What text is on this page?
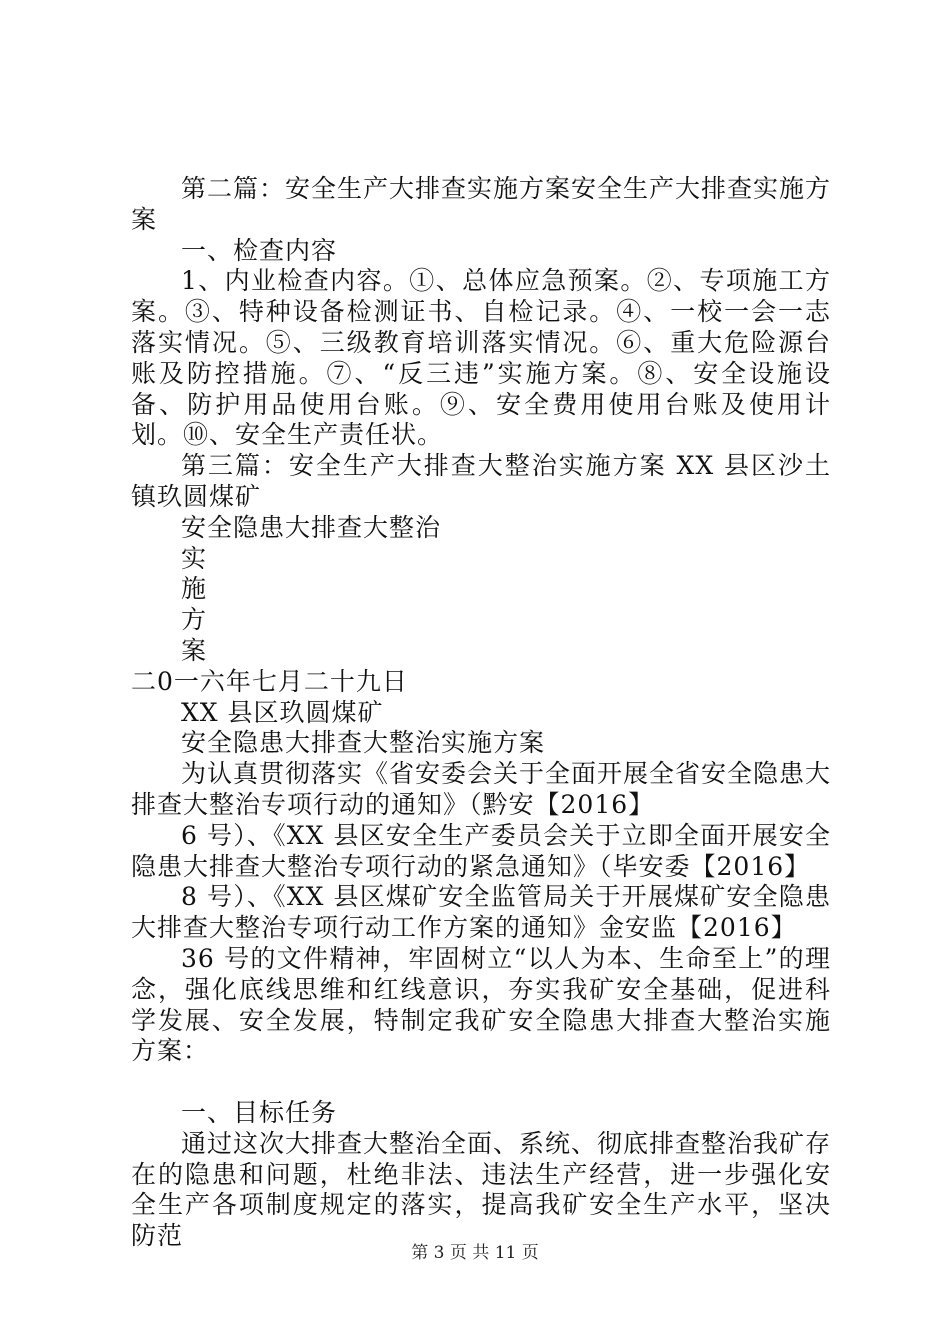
第二篇：安全生产大排查实施方案安全生产大排查实施方案

一、检查内容

1、内业检查内容。①、总体应急预案。②、专项施工方案。③、特种设备检测证书、自检记录。④、一校一会一志落实情况。⑤、三级教育培训落实情况。⑥、重大危险源台账及防控措施。⑦、“反三违”实施方案。⑧、安全设施设备、防护用品使用台账。⑨、安全费用使用台账及使用计划。⑩、安全生产责任状。

第三篇：安全生产大排查大整治实施方案 XX 县区沙土镇玖圆煤矿

安全隐患大排查大整治

实

施

方

案

二0一六年七月二十九日

XX 县区玖圆煤矿

安全隐患大排查大整治实施方案

为认真贯彻落实《省安委会关于全面开展全省安全隐患大排查大整治专项行动的通知》（黔安【2016】

6 号）、《XX 县区安全生产委员会关于立即全面开展安全隐患大排查大整治专项行动的紧急通知》（毕安委【2016】

8 号）、《XX 县区煤矿安全监管局关于开展煤矿安全隐患大排查大整治专项行动工作方案的通知》金安监【2016】

36 号的文件精神，牢固树立“以人为本、生命至上”的理念，强化底线思维和红线意识，夯实我矿安全基础，促进科学发展、安全发展，特制定我矿安全隐患大排查大整治实施方案：

一、目标任务

通过这次大排查大整治全面、系统、彻底排查整治我矿存在的隐患和问题，杜绝非法、违法生产经营，进一步强化安全生产各项制度规定的落实，提高我矿安全生产水平，坚决防范

第 3 页 共 11 页
